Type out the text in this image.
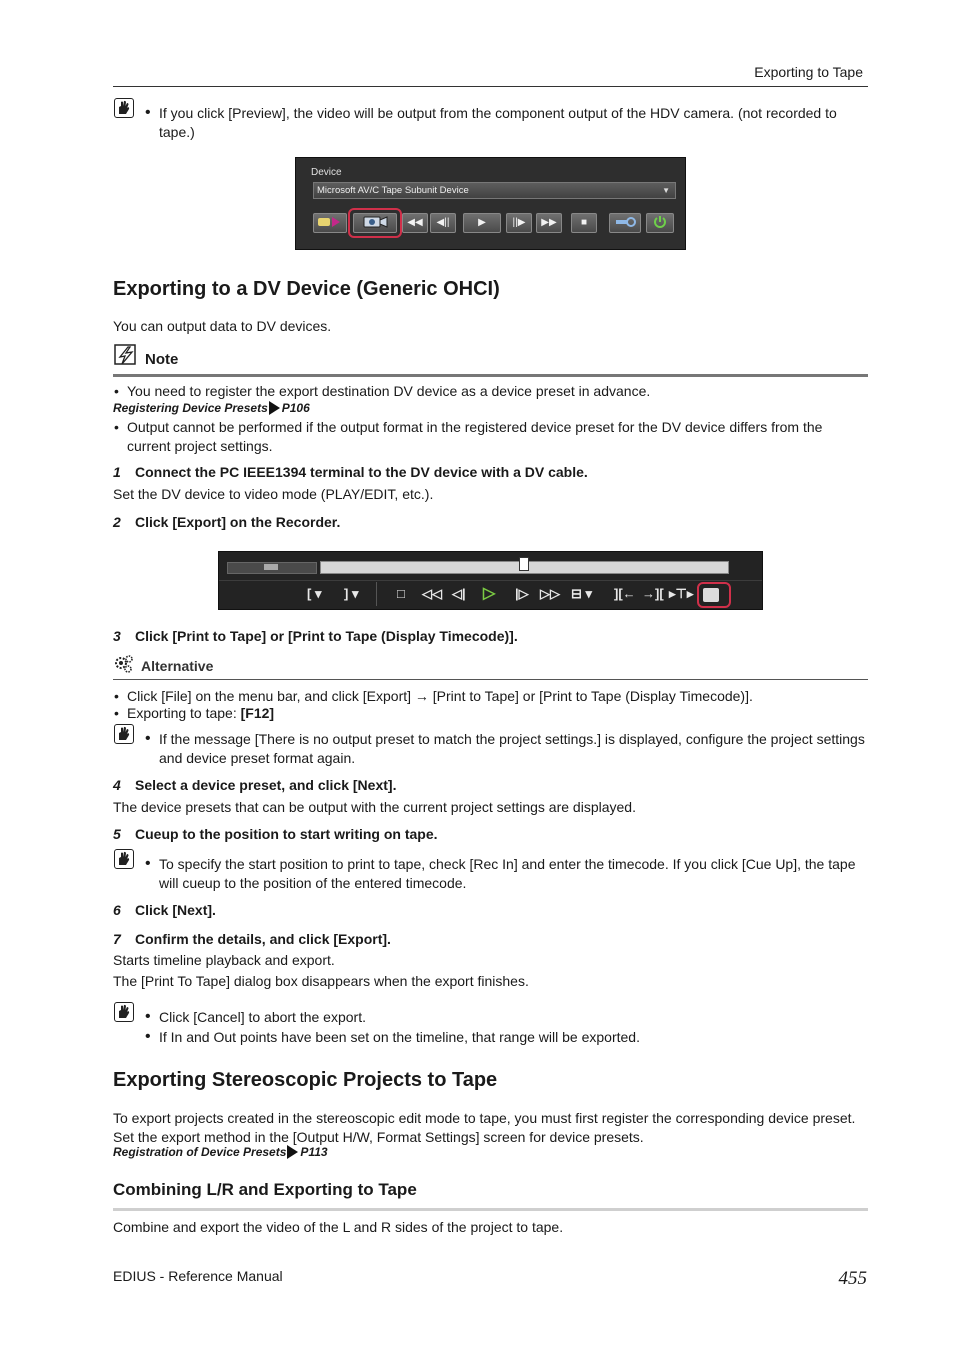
Exporting to Tape
• If you click [Preview], the video will be output from the component output of the HDV camera. (not recorded to tape.)
Device
Microsoft AV/C Tape Subunit Device	▼
◀◀	◀||	▶	||▶	▶▶	■
Exporting to a DV Device (Generic OHCI)
You can output data to DV devices.
Note
• You need to register the export destination DV device as a device preset in advance.
Registering Device Presets P106
• Output cannot be performed if the output format in the registered device preset for the DV device differs from the current project settings.
1 Connect the PC IEEE1394 terminal to the DV device with a DV cable.
Set the DV device to video mode (PLAY/EDIT, etc.).
2 Click [Export] on the Recorder.
[ ▾ ] ▾	□ ◁◁ ◁| ▷ |▷ ▷▷ ⊟ ▾ ][← →][ ▸⊤▸
3 Click [Print to Tape] or [Print to Tape (Display Timecode)].
Alternative
• Click [File] on the menu bar, and click [Export] → [Print to Tape] or [Print to Tape (Display Timecode)].
• Exporting to tape: [F12]
• If the message [There is no output preset to match the project settings.] is displayed, configure the project settings and device preset format again.
4 Select a device preset, and click [Next].
The device presets that can be output with the current project settings are displayed.
5 Cueup to the position to start writing on tape.
• To specify the start position to print to tape, check [Rec In] and enter the timecode. If you click [Cue Up], the tape will cueup to the position of the entered timecode.
6 Click [Next].
7 Confirm the details, and click [Export].
Starts timeline playback and export.
The [Print To Tape] dialog box disappears when the export finishes.
• Click [Cancel] to abort the export.
• If In and Out points have been set on the timeline, that range will be exported.
Exporting Stereoscopic Projects to Tape
To export projects created in the stereoscopic edit mode to tape, you must first register the corresponding device preset. Set the export method in the [Output H/W, Format Settings] screen for device presets.
Registration of Device Presets P113
Combining L/R and Exporting to Tape
Combine and export the video of the L and R sides of the project to tape.
EDIUS - Reference Manual	455
